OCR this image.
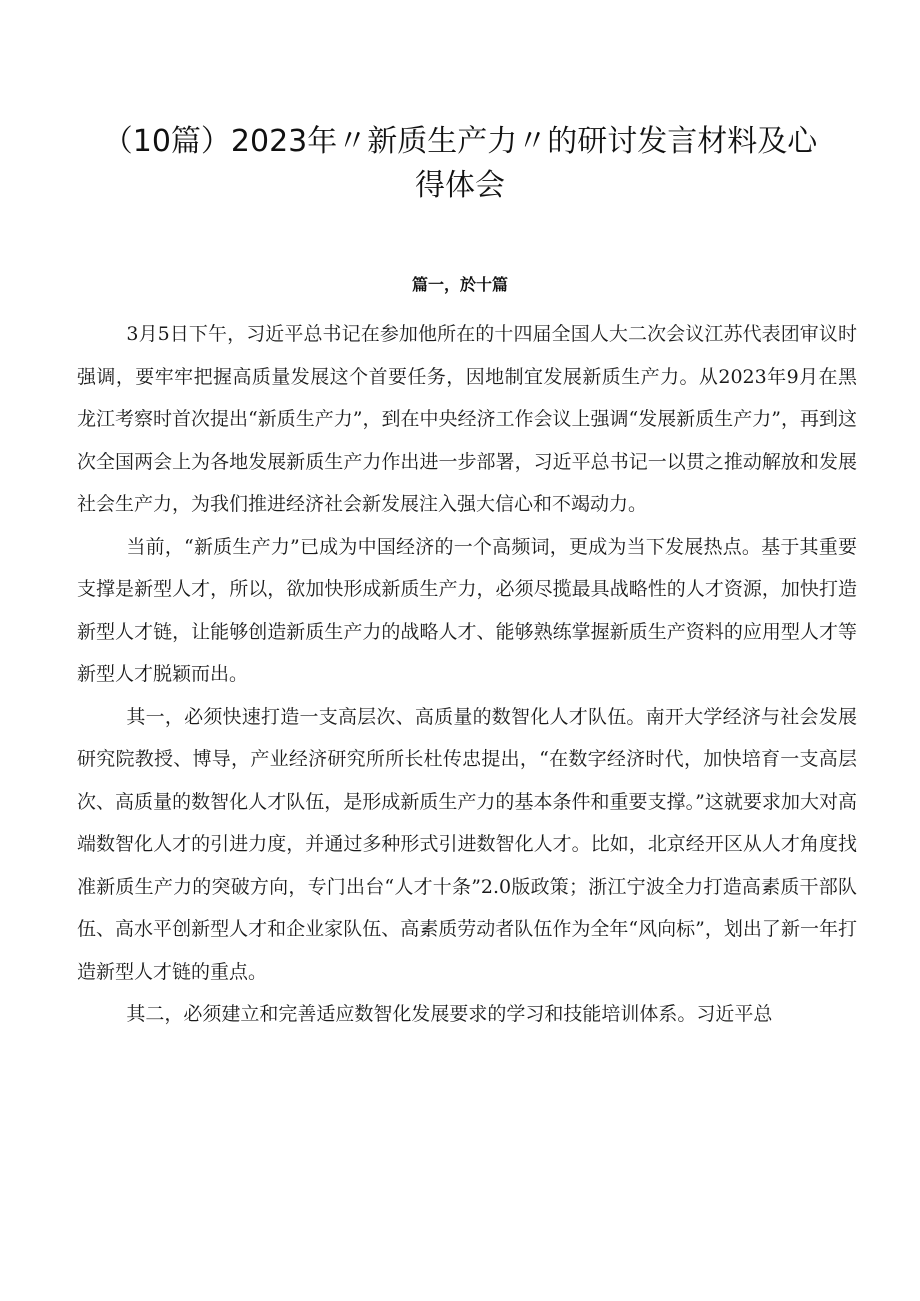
（10篇）2023年〃新质生产力〃的研讨发言材料及心
得体会
篇一，於十篇

3月5日下午，习近平总书记在参加他所在的十四届全国人大二次会议江苏代表团审议时强调，要牢牢把握高质量发展这个首要任务，因地制宜发展新质生产力。从2023年9月在黑龙江考察时首次提出“新质生产力”，到在中央经济工作会议上强调“发展新质生产力”，再到这次全国两会上为各地发展新质生产力作出进一步部署，习近平总书记一以贯之推动解放和发展社会生产力，为我们推进经济社会新发展注入强大信心和不竭动力。

当前，“新质生产力”已成为中国经济的一个高频词，更成为当下发展热点。基于其重要支撑是新型人才，所以，欲加快形成新质生产力，必须尽揽最具战略性的人才资源，加快打造新型人才链，让能够创造新质生产力的战略人才、能够熟练掌握新质生产资料的应用型人才等新型人才脱颖而出。

其一，必须快速打造一支高层次、高质量的数智化人才队伍。南开大学经济与社会发展研究院教授、博导，产业经济研究所所长杜传忠提出，“在数字经济时代，加快培育一支高层次、高质量的数智化人才队伍，是形成新质生产力的基本条件和重要支撑。”这就要求加大对高端数智化人才的引进力度，并通过多种形式引进数智化人才。比如，北京经开区从人才角度找准新质生产力的突破方向，专门出台“人才十条”2.0版政策；浙江宁波全力打造高素质干部队伍、高水平创新型人才和企业家队伍、高素质劳动者队伍作为全年“风向标”，划出了新一年打造新型人才链的重点。

其二，必须建立和完善适应数智化发展要求的学习和技能培训体系。习近平总
